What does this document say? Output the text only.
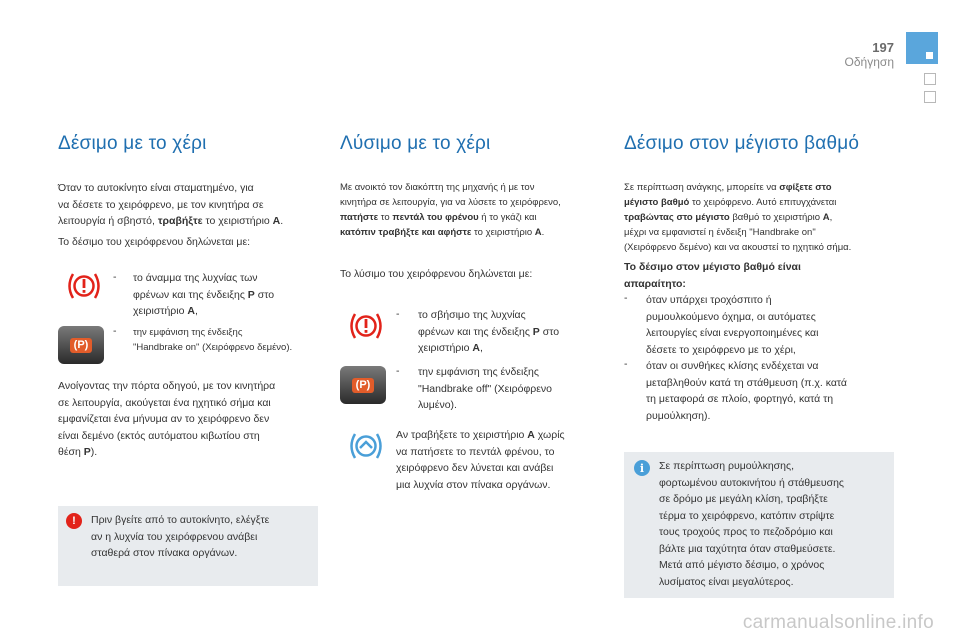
197
Οδήγηση
Δέσιμο με το χέρι
Όταν το αυτοκίνητο είναι σταματημένο, για
να δέσετε το χειρόφρενο, με τον κινητήρα σε
λειτουργία ή σβηστό, τραβήξτε το χειριστήριο A.
Το δέσιμο του χειρόφρενου δηλώνεται με:
- το άναμμα της λυχνίας των
φρένων και της ένδειξης P στο
χειριστήριο A,
(P)
- την εμφάνιση της ένδειξης
"Handbrake on" (Χειρόφρενο δεμένο).
Ανοίγοντας την πόρτα οδηγού, με τον κινητήρα
σε λειτουργία, ακούγεται ένα ηχητικό σήμα και
εμφανίζεται ένα μήνυμα αν το χειρόφρενο δεν
είναι δεμένο (εκτός αυτόματου κιβωτίου στη
θέση P).
!	Πριν βγείτε από το αυτοκίνητο, ελέγξτε
αν η λυχνία του χειρόφρενου ανάβει
σταθερά στον πίνακα οργάνων.
Λύσιμο με το χέρι
Με ανοικτό τον διακόπτη της μηχανής ή με τον
κινητήρα σε λειτουργία, για να λύσετε το χειρόφρενο,
πατήστε το πεντάλ του φρένου ή το γκάζι και
κατόπιν τραβήξτε και αφήστε το χειριστήριο A.
Το λύσιμο του χειρόφρενου δηλώνεται με:
- το σβήσιμο της λυχνίας
φρένων και της ένδειξης P στο
χειριστήριο A,
(P)
- την εμφάνιση της ένδειξης
"Handbrake off" (Χειρόφρενο
λυμένο).
Αν τραβήξετε το χειριστήριο A χωρίς
να πατήσετε το πεντάλ φρένου, το
χειρόφρενο δεν λύνεται και ανάβει
μια λυχνία στον πίνακα οργάνων.
Δέσιμο στον μέγιστο βαθμό
Σε περίπτωση ανάγκης, μπορείτε να σφίξετε στο
μέγιστο βαθμό το χειρόφρενο. Αυτό επιτυγχάνεται
τραβώντας στο μέγιστο βαθμό το χειριστήριο A,
μέχρι να εμφανιστεί η ένδειξη "Handbrake on"
(Χειρόφρενο δεμένο) και να ακουστεί το ηχητικό σήμα.
Το δέσιμο στον μέγιστο βαθμό είναι
απαραίτητο:
- όταν υπάρχει τροχόσπιτο ή
ρυμουλκούμενο όχημα, οι αυτόματες
λειτουργίες είναι ενεργοποιημένες και
δέσετε το χειρόφρενο με το χέρι,
- όταν οι συνθήκες κλίσης ενδέχεται να
μεταβληθούν κατά τη στάθμευση (π.χ. κατά
τη μεταφορά σε πλοίο, φορτηγό, κατά τη
ρυμούλκηση).
i	Σε περίπτωση ρυμούλκησης,
φορτωμένου αυτοκινήτου ή στάθμευσης
σε δρόμο με μεγάλη κλίση, τραβήξτε
τέρμα το χειρόφρενο, κατόπιν στρίψτε
τους τροχούς προς το πεζοδρόμιο και
βάλτε μια ταχύτητα όταν σταθμεύσετε.
Μετά από μέγιστο δέσιμο, ο χρόνος
λυσίματος είναι μεγαλύτερος.
carmanualsonline.info
